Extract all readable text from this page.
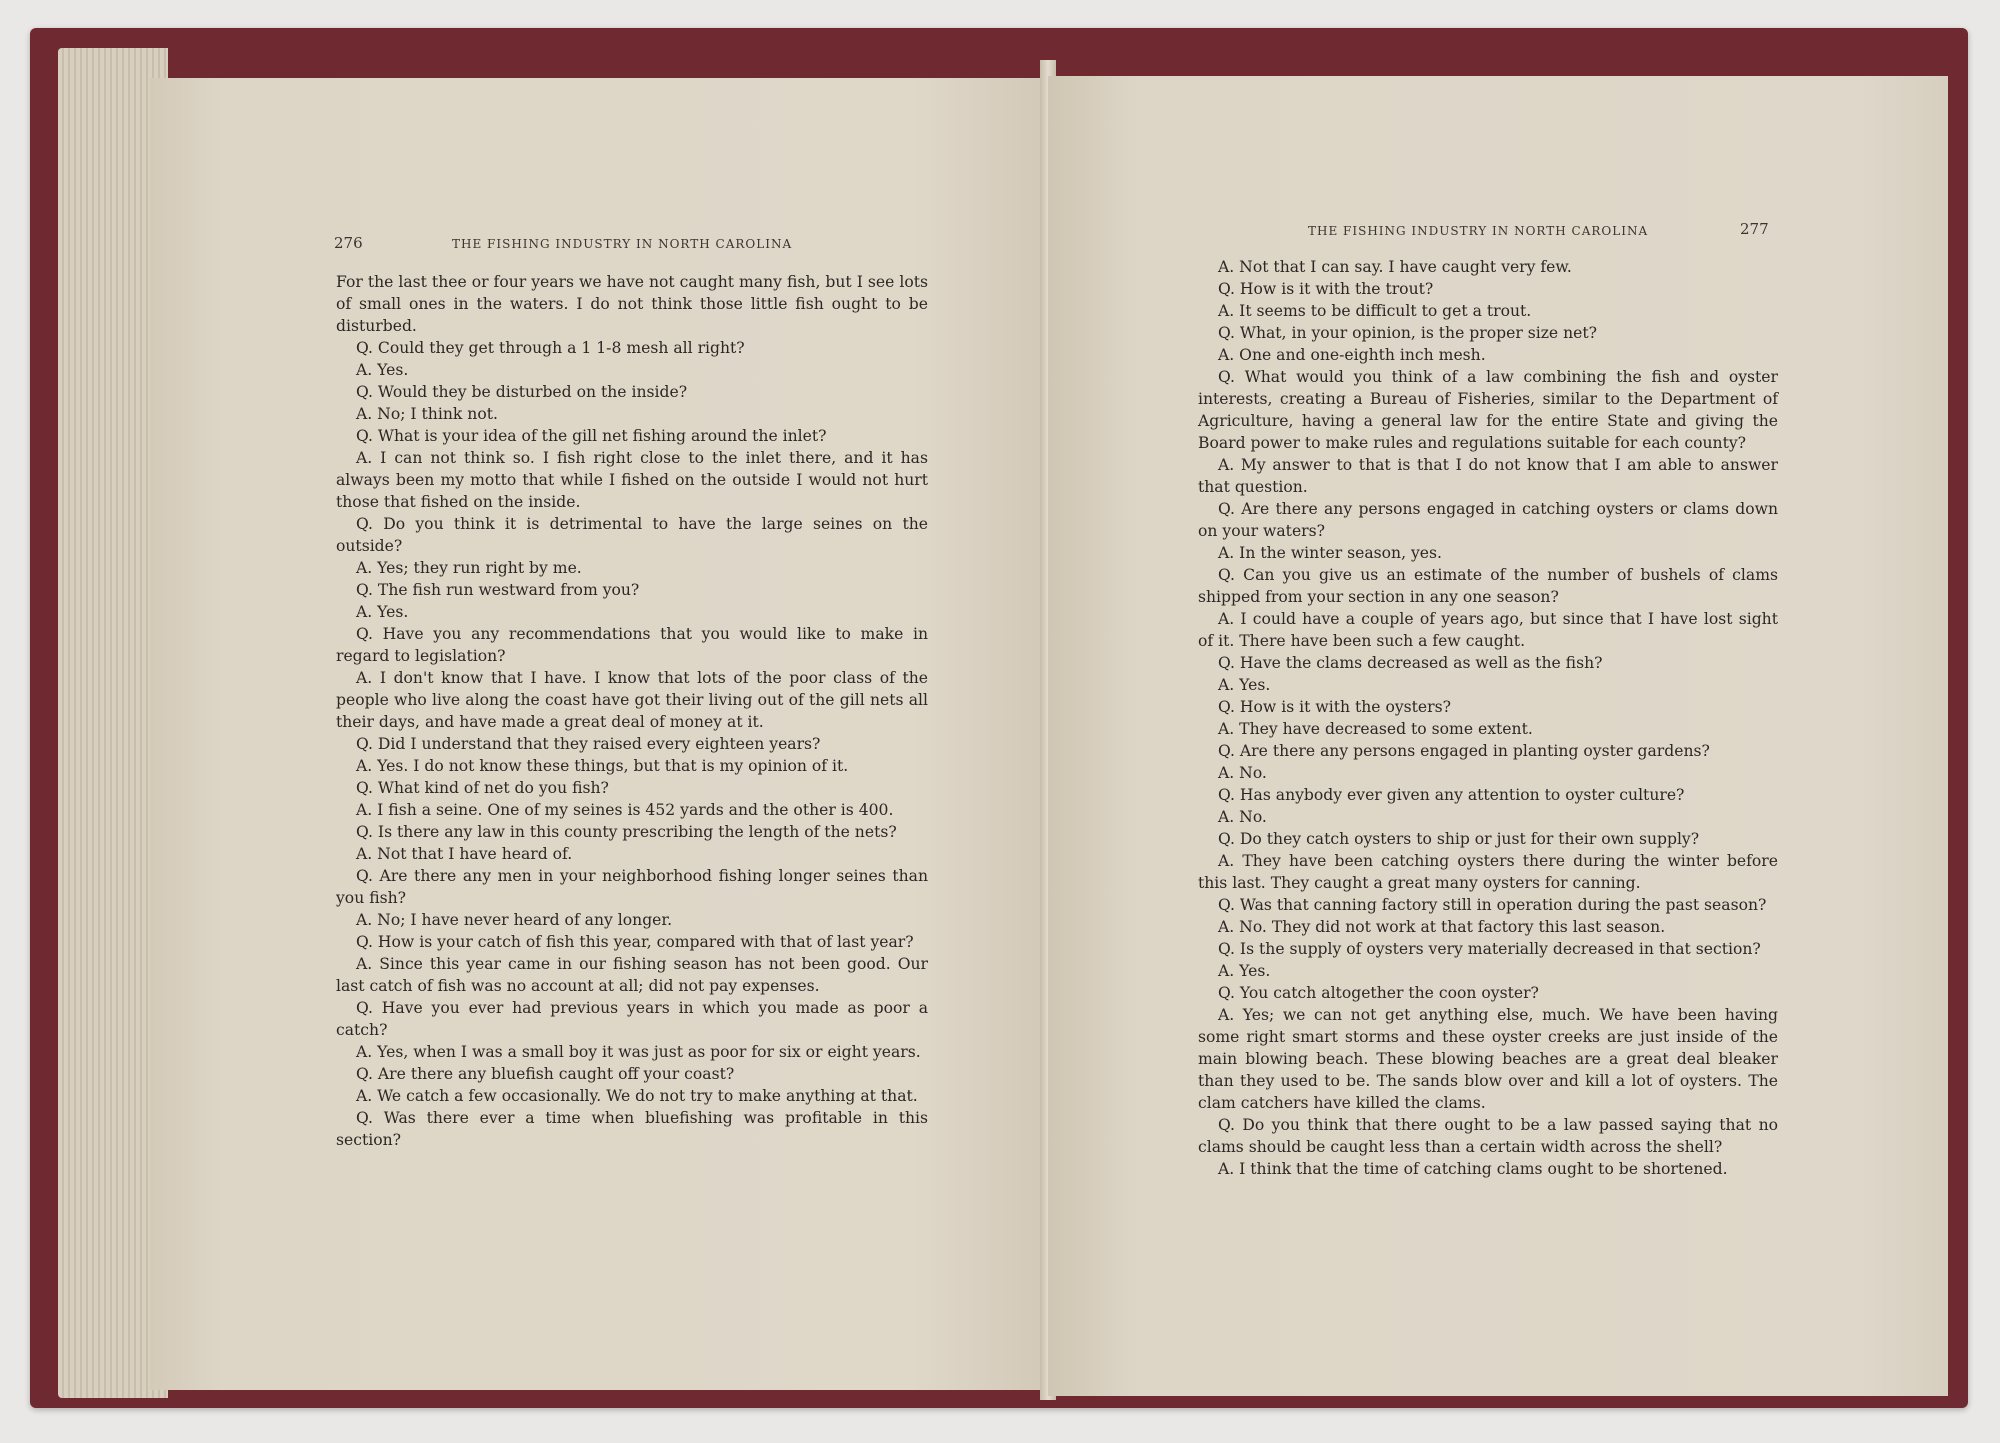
276	THE FISHING INDUSTRY IN NORTH CAROLINA

For the last thee or four years we have not caught many fish, but I see lots of small ones in the waters. I do not think those little fish ought to be disturbed.

Q. Could they get through a 1 1-8 mesh all right?

A. Yes.

Q. Would they be disturbed on the inside?

A. No; I think not.

Q. What is your idea of the gill net fishing around the inlet?

A. I can not think so. I fish right close to the inlet there, and it has always been my motto that while I fished on the outside I would not hurt those that fished on the inside.

Q. Do you think it is detrimental to have the large seines on the outside?

A. Yes; they run right by me.

Q. The fish run westward from you?

A. Yes.

Q. Have you any recommendations that you would like to make in regard to legislation?

A. I don't know that I have. I know that lots of the poor class of the people who live along the coast have got their living out of the gill nets all their days, and have made a great deal of money at it.

Q. Did I understand that they raised every eighteen years?

A. Yes. I do not know these things, but that is my opinion of it.

Q. What kind of net do you fish?

A. I fish a seine. One of my seines is 452 yards and the other is 400.

Q. Is there any law in this county prescribing the length of the nets?

A. Not that I have heard of.

Q. Are there any men in your neighborhood fishing longer seines than you fish?

A. No; I have never heard of any longer.

Q. How is your catch of fish this year, compared with that of last year?

A. Since this year came in our fishing season has not been good. Our last catch of fish was no account at all; did not pay expenses.

Q. Have you ever had previous years in which you made as poor a catch?

A. Yes, when I was a small boy it was just as poor for six or eight years.

Q. Are there any bluefish caught off your coast?

A. We catch a few occasionally. We do not try to make anything at that.

Q. Was there ever a time when bluefishing was profitable in this section?

THE FISHING INDUSTRY IN NORTH CAROLINA	277

A. Not that I can say. I have caught very few.

Q. How is it with the trout?

A. It seems to be difficult to get a trout.

Q. What, in your opinion, is the proper size net?

A. One and one-eighth inch mesh.

Q. What would you think of a law combining the fish and oyster interests, creating a Bureau of Fisheries, similar to the Department of Agriculture, having a general law for the entire State and giving the Board power to make rules and regulations suitable for each county?

A. My answer to that is that I do not know that I am able to answer that question.

Q. Are there any persons engaged in catching oysters or clams down on your waters?

A. In the winter season, yes.

Q. Can you give us an estimate of the number of bushels of clams shipped from your section in any one season?

A. I could have a couple of years ago, but since that I have lost sight of it. There have been such a few caught.

Q. Have the clams decreased as well as the fish?

A. Yes.

Q. How is it with the oysters?

A. They have decreased to some extent.

Q. Are there any persons engaged in planting oyster gardens?

A. No.

Q. Has anybody ever given any attention to oyster culture?

A. No.

Q. Do they catch oysters to ship or just for their own supply?

A. They have been catching oysters there during the winter before this last. They caught a great many oysters for canning.

Q. Was that canning factory still in operation during the past season?

A. No. They did not work at that factory this last season.

Q. Is the supply of oysters very materially decreased in that section?

A. Yes.

Q. You catch altogether the coon oyster?

A. Yes; we can not get anything else, much. We have been having some right smart storms and these oyster creeks are just inside of the main blowing beach. These blowing beaches are a great deal bleaker than they used to be. The sands blow over and kill a lot of oysters. The clam catchers have killed the clams.

Q. Do you think that there ought to be a law passed saying that no clams should be caught less than a certain width across the shell?

A. I think that the time of catching clams ought to be shortened.
